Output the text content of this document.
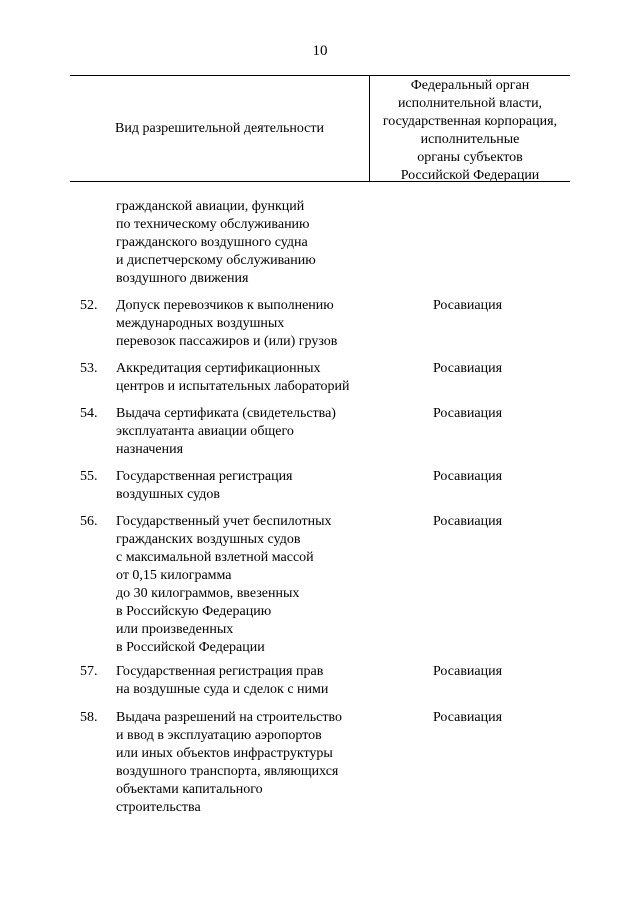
10
Вид разрешительной деятельности
Федеральный орган
исполнительной власти,
государственная корпорация,
исполнительные
органы субъектов
Российской Федерации
гражданской авиации, функций
по техническому обслуживанию
гражданского воздушного судна
и диспетчерскому обслуживанию
воздушного движения
52. Допуск перевозчиков к выполнению
международных воздушных
перевозок пассажиров и (или) грузов
Росавиация
53. Аккредитация сертификационных
центров и испытательных лабораторий
Росавиация
54. Выдача сертификата (свидетельства)
эксплуатанта авиации общего
назначения
Росавиация
55. Государственная регистрация
воздушных судов
Росавиация
56. Государственный учет беспилотных
гражданских воздушных судов
с максимальной взлетной массой
от 0,15 килограмма
до 30 килограммов, ввезенных
в Российскую Федерацию
или произведенных
в Российской Федерации
Росавиация
57. Государственная регистрация прав
на воздушные суда и сделок с ними
Росавиация
58. Выдача разрешений на строительство
и ввод в эксплуатацию аэропортов
или иных объектов инфраструктуры
воздушного транспорта, являющихся
объектами капитального
строительства
Росавиация
